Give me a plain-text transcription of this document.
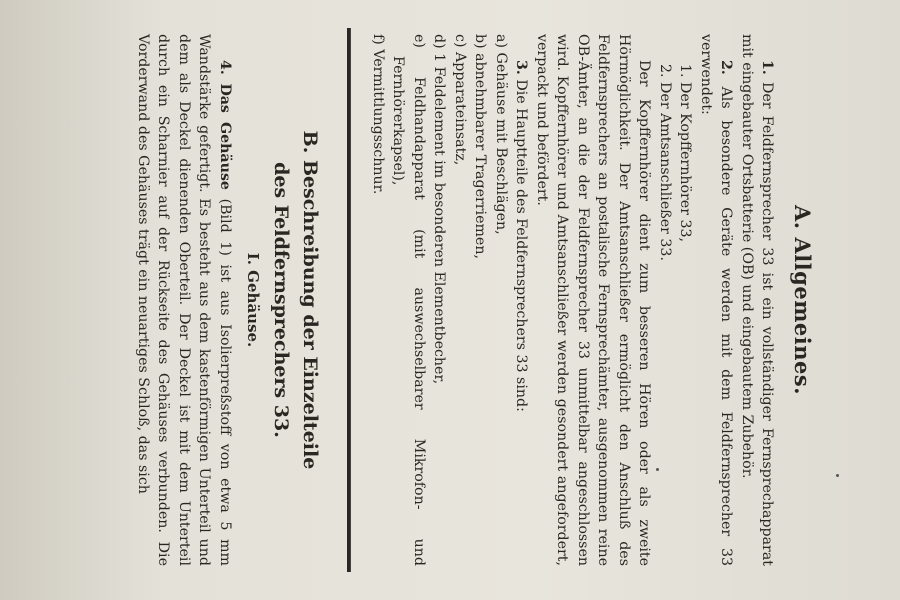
A. Allgemeines.

1. Der Feldfernsprecher 33 ist ein vollständiger Fernsprechapparat mit eingebauter Ortsbatterie (OB) und eingebautem Zubehör.

2. Als besondere Geräte werden mit dem Feldfernsprecher 33 verwendet:

1. Der Kopffernhörer 33,
2. Der Amtsanschließer 33.

Der Kopffernhörer dient zum besseren Hören oder als zweite Hörmöglichkeit. Der Amtsanschließer ermöglicht den Anschluß des Feldfernsprechers an postalische Fernsprechämter, ausgenommen reine OB-Ämter, an die der Feldfernsprecher 33 unmittelbar angeschlossen wird. Kopffernhörer und Amtsanschließer werden gesondert angefordert, verpackt und befördert.

3. Die Hauptteile des Feldfernsprechers 33 sind:

a) Gehäuse mit Beschlägen,
b) abnehmbarer Tragerriemen,
c) Apparateinsatz,
d) 1 Feldelement im besonderen Elementbecher,
e) Feldhandapparat (mit auswechselbarer Mikrofon- und Fernhörerkapsel),
f) Vermittlungsschnur.
B. Beschreibung der Einzelteile
des Feldfernsprechers 33.
I. Gehäuse.

4. Das Gehäuse (Bild 1) ist aus Isolierpreßstoff von etwa 5 mm Wandstärke gefertigt. Es besteht aus dem kastenförmigen Unterteil und dem als Deckel dienenden Oberteil. Der Deckel ist mit dem Unterteil durch ein Scharnier auf der Rückseite des Gehäuses verbunden. Die Vorderwand des Gehäuses trägt ein neuartiges Schloß, das sich
